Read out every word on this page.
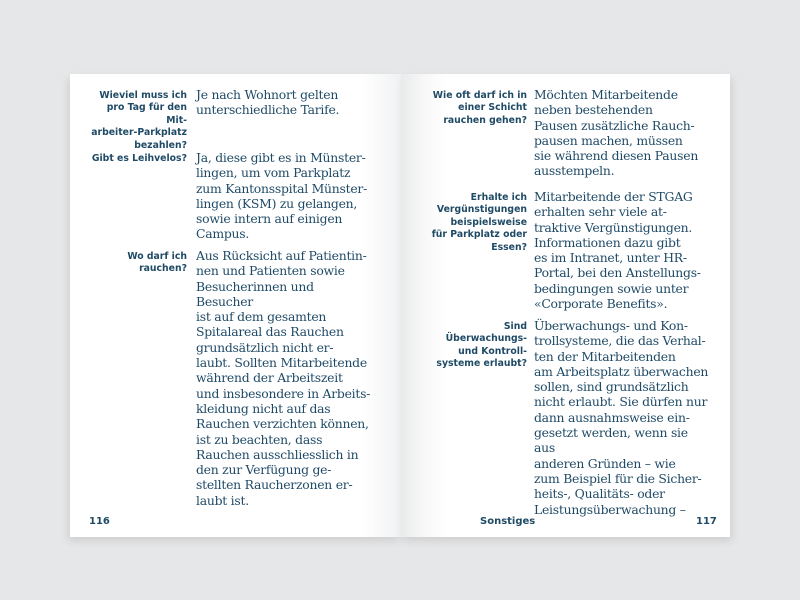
Wieviel muss ich
pro Tag für den Mit-
arbeiter-Parkplatz
bezahlen?
Je nach Wohnort gelten
unterschiedliche Tarife.
Gibt es Leihvelos? Ja, diese gibt es in Münster-
lingen, um vom Parkplatz
zum Kantonsspital Münster-
lingen (KSM) zu gelangen,
sowie intern auf einigen
Campus.
Wo darf ich
rauchen?
Aus Rücksicht auf Patientin-
nen und Patienten sowie
Besucherinnen und Besucher
ist auf dem gesamten
Spitalareal das Rauchen
grundsätzlich nicht er-
laubt. Sollten Mitarbeitende
während der Arbeitszeit
und insbesondere in Arbeits-
kleidung nicht auf das
Rauchen verzichten können,
ist zu beachten, dass
Rauchen ausschliesslich in
den zur Verfügung ge-
stellten Raucherzonen er-
laubt ist.
116
Wie oft darf ich in
einer Schicht
rauchen gehen?
Möchten Mitarbeitende
neben bestehenden
Pausen zusätzliche Rauch-
pausen machen, müssen
sie während diesen Pausen
ausstempeln.
Erhalte ich
Vergünstigungen
beispielsweise
für Parkplatz oder
Essen?
Mitarbeitende der STGAG
erhalten sehr viele at-
traktive Vergünstigungen.
Informationen dazu gibt
es im Intranet, unter HR-
Portal, bei den Anstellungs-
bedingungen sowie unter
«Corporate Benefits».
Sind
Überwachungs-
und Kontroll-
systeme erlaubt?
Überwachungs- und Kon-
trollsysteme, die das Verhal-
ten der Mitarbeitenden
am Arbeitsplatz überwachen
sollen, sind grundsätzlich
nicht erlaubt. Sie dürfen nur
dann ausnahmsweise ein-
gesetzt werden, wenn sie aus
anderen Gründen – wie
zum Beispiel für die Sicher-
heits-, Qualitäts- oder
Leistungsüberwachung –
Sonstiges	117
